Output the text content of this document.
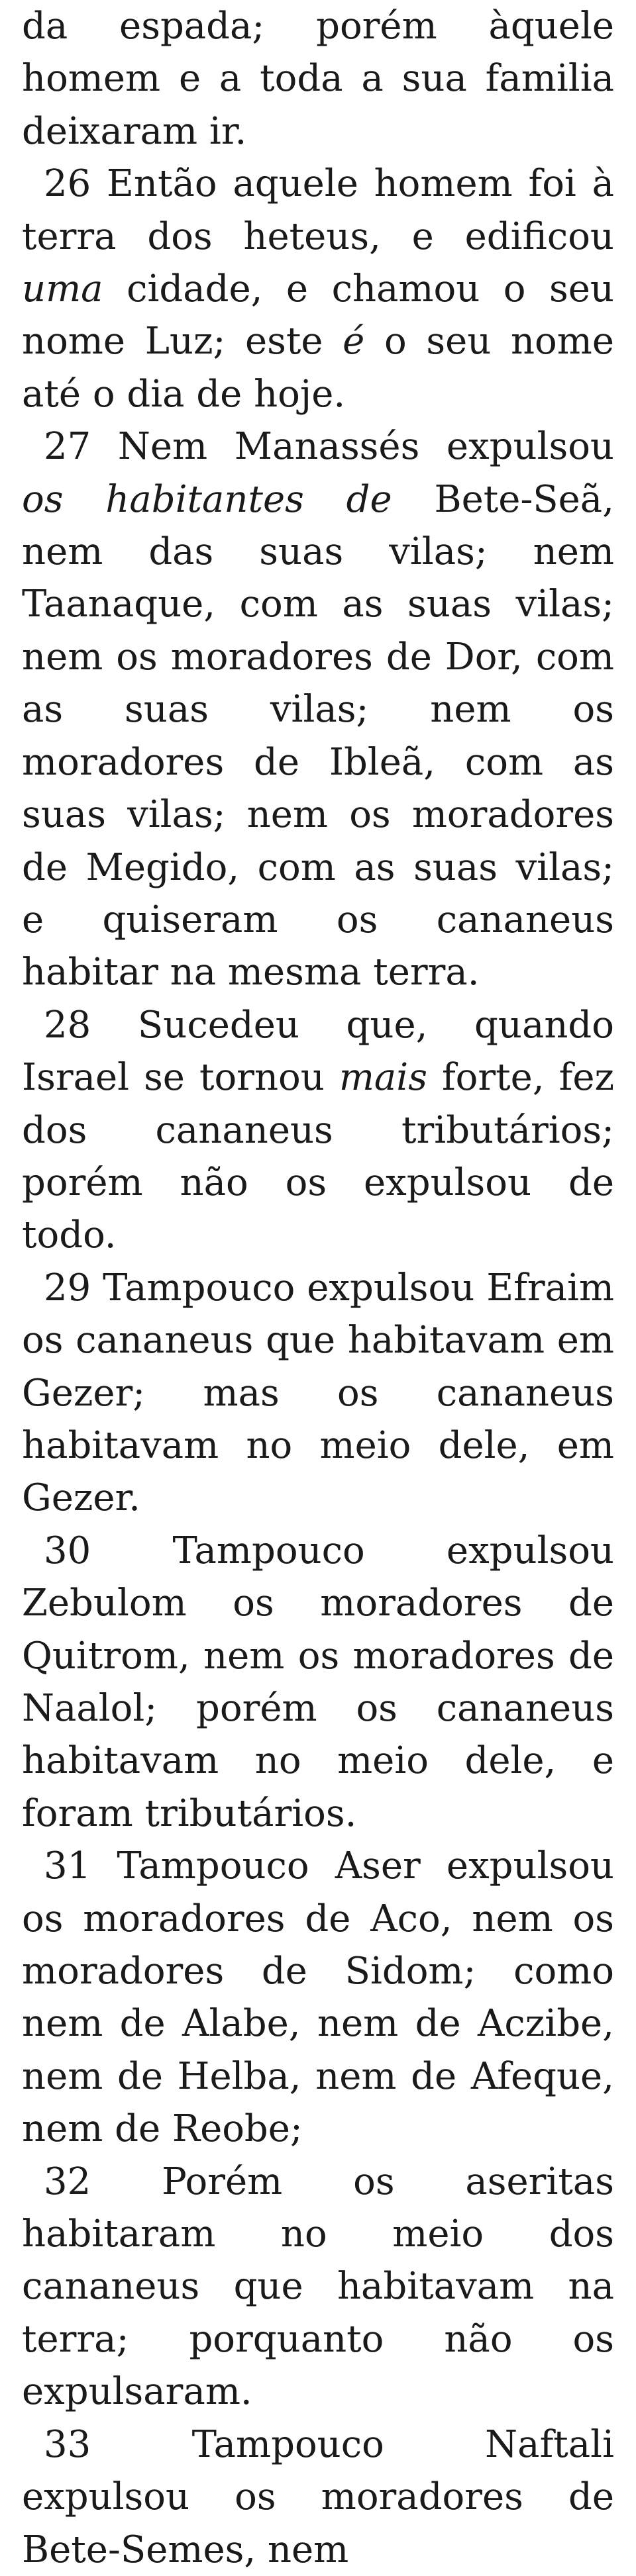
da espada; porém àquele homem e a toda a sua familia deixaram ir.

26 Então aquele homem foi à terra dos heteus, e edificou uma cidade, e chamou o seu nome Luz; este é o seu nome até o dia de hoje.

27 Nem Manassés expulsou os habitantes de Bete-Seã, nem das suas vilas; nem Taanaque, com as suas vilas; nem os moradores de Dor, com as suas vilas; nem os moradores de Ibleã, com as suas vilas; nem os moradores de Megido, com as suas vilas; e quiseram os cananeus habitar na mesma terra.

28 Sucedeu que, quando Israel se tornou mais forte, fez dos cananeus tributários; porém não os expulsou de todo.

29 Tampouco expulsou Efraim os cananeus que habitavam em Gezer; mas os cananeus habitavam no meio dele, em Gezer.

30 Tampouco expulsou Zebulom os moradores de Quitrom, nem os moradores de Naalol; porém os cananeus habitavam no meio dele, e foram tributários.

31 Tampouco Aser expulsou os moradores de Aco, nem os moradores de Sidom; como nem de Alabe, nem de Aczibe, nem de Helba, nem de Afeque, nem de Reobe;

32 Porém os aseritas habitaram no meio dos cananeus que habitavam na terra; porquanto não os expulsaram.

33 Tampouco Naftali expulsou os moradores de Bete-Semes, nem
